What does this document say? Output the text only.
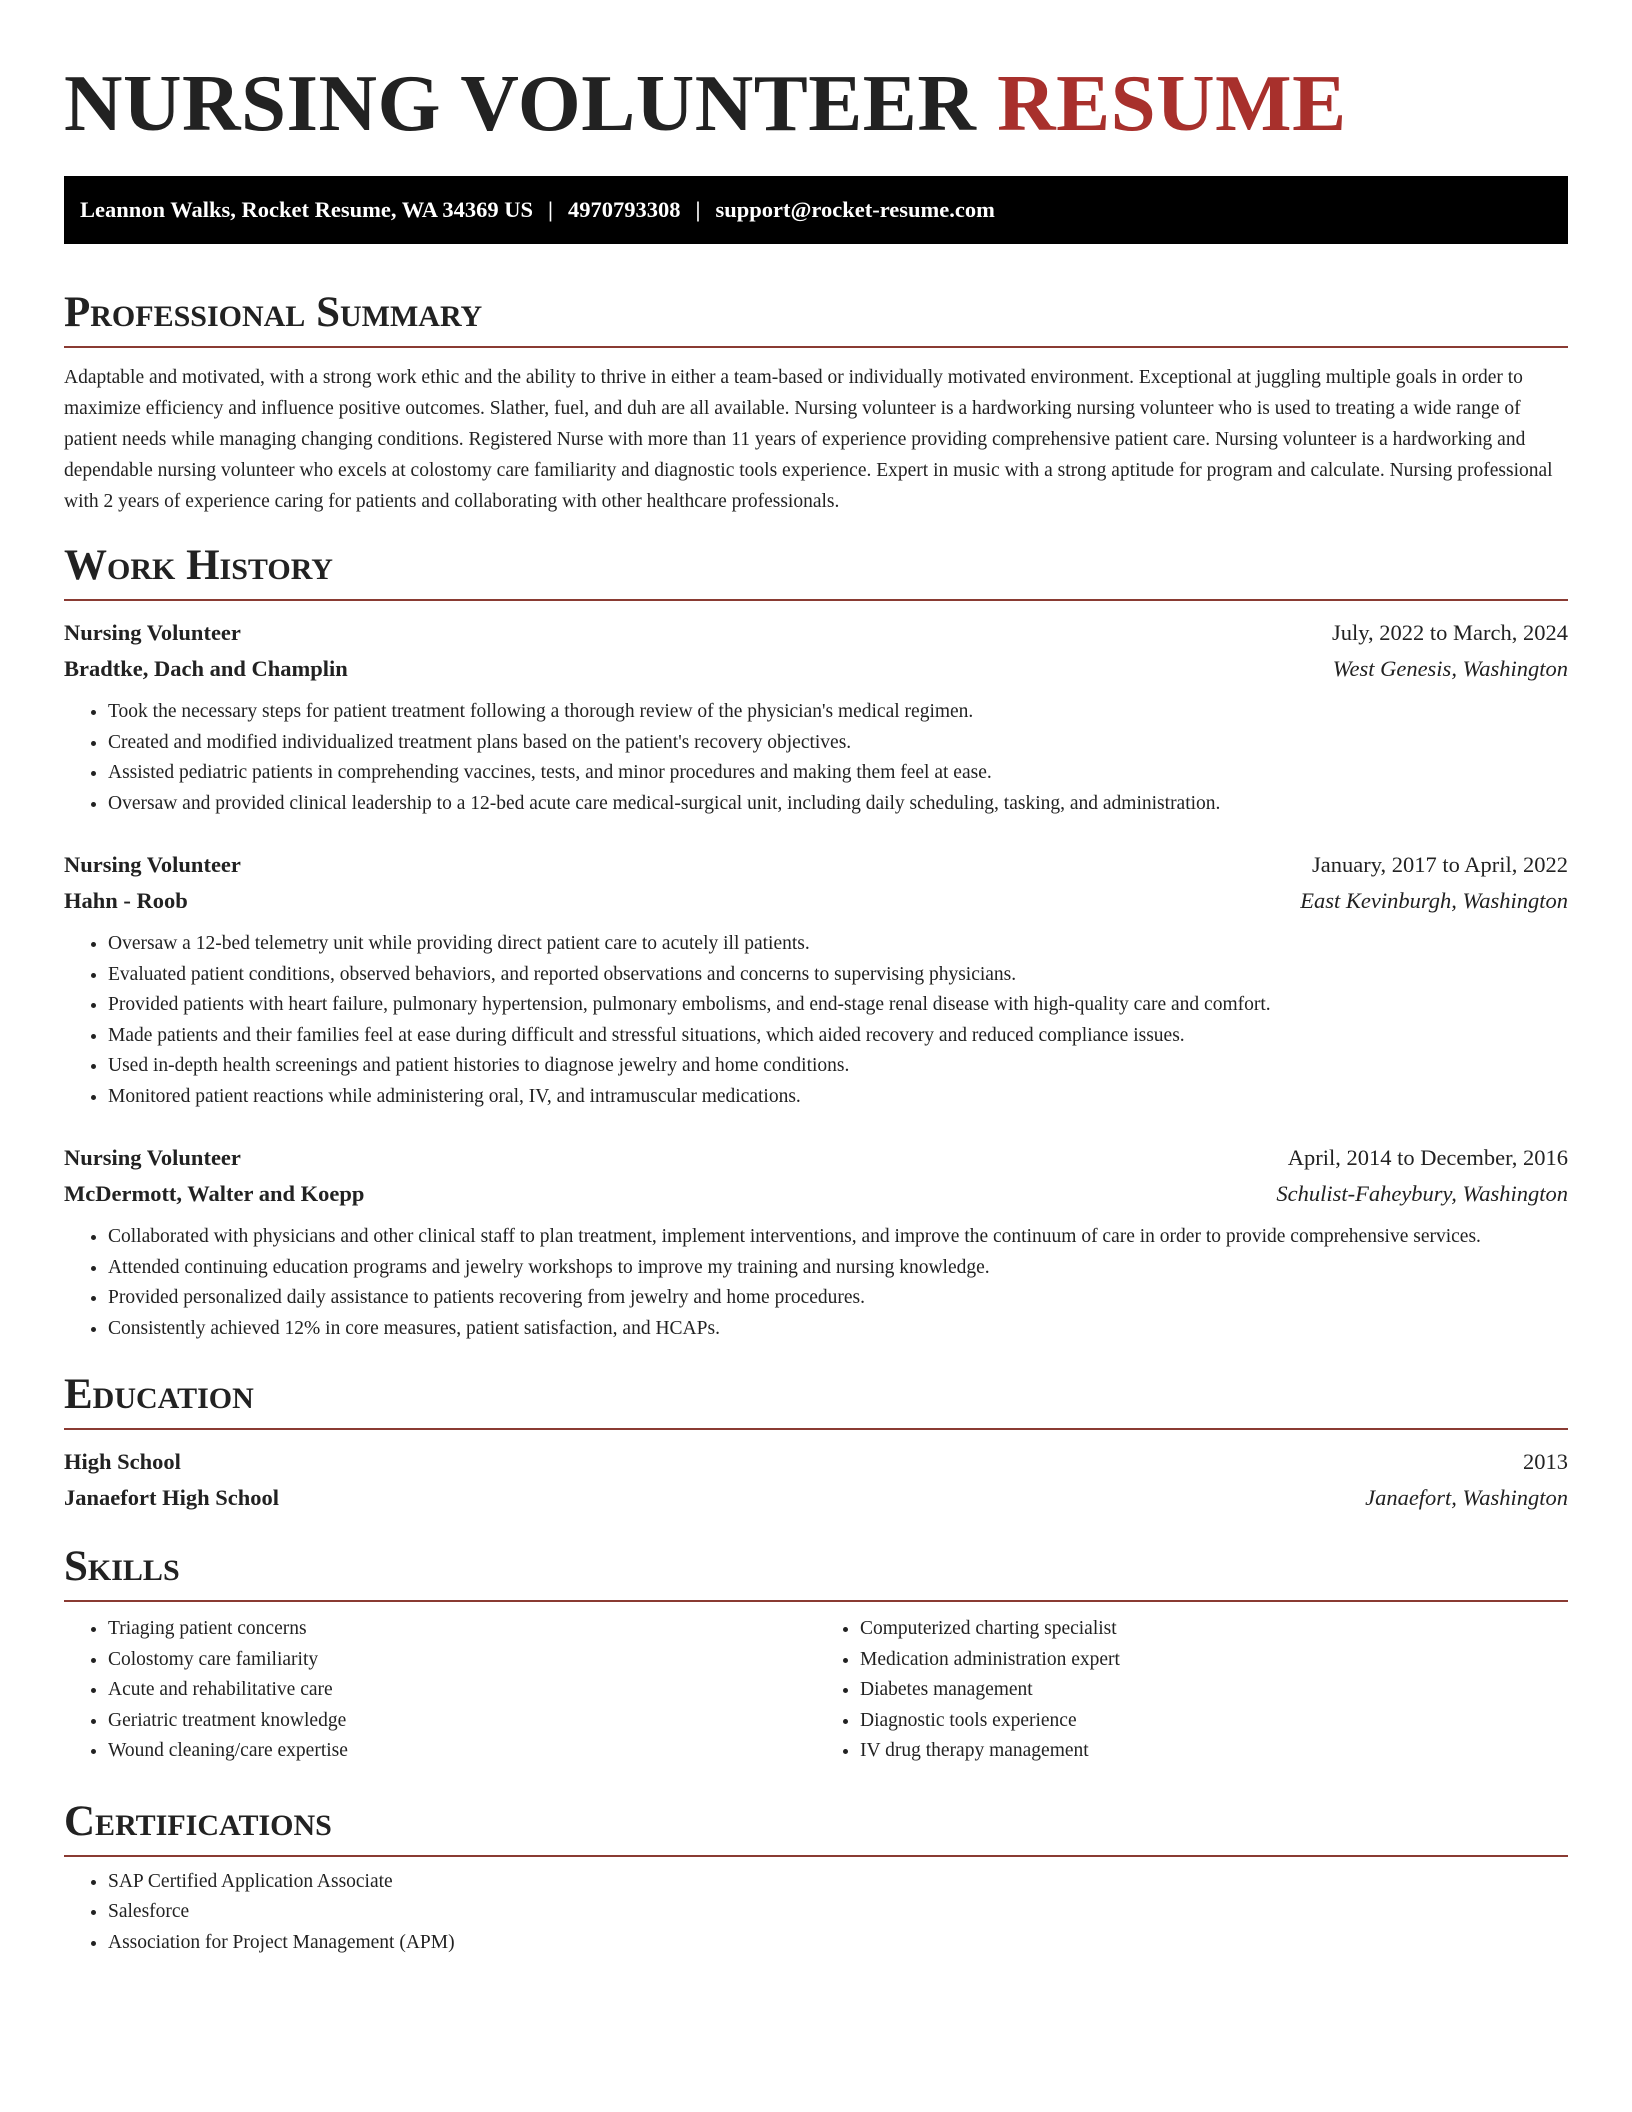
NURSING VOLUNTEER RESUME
Leannon Walks, Rocket Resume, WA 34369 US | 4970793308 | support@rocket-resume.com
Professional Summary

Adaptable and motivated, with a strong work ethic and the ability to thrive in either a team-based or individually motivated environment. Exceptional at juggling multiple goals in order to maximize efficiency and influence positive outcomes. Slather, fuel, and duh are all available. Nursing volunteer is a hardworking nursing volunteer who is used to treating a wide range of patient needs while managing changing conditions. Registered Nurse with more than 11 years of experience providing comprehensive patient care. Nursing volunteer is a hardworking and dependable nursing volunteer who excels at colostomy care familiarity and diagnostic tools experience. Expert in music with a strong aptitude for program and calculate. Nursing professional with 2 years of experience caring for patients and collaborating with other healthcare professionals.

Work History
Nursing Volunteer	July, 2022 to March, 2024
Bradtke, Dach and Champlin	West Genesis, Washington
• Took the necessary steps for patient treatment following a thorough review of the physician's medical regimen.
• Created and modified individualized treatment plans based on the patient's recovery objectives.
• Assisted pediatric patients in comprehending vaccines, tests, and minor procedures and making them feel at ease.
• Oversaw and provided clinical leadership to a 12-bed acute care medical-surgical unit, including daily scheduling, tasking, and administration.
Nursing Volunteer	January, 2017 to April, 2022
Hahn - Roob	East Kevinburgh, Washington
• Oversaw a 12-bed telemetry unit while providing direct patient care to acutely ill patients.
• Evaluated patient conditions, observed behaviors, and reported observations and concerns to supervising physicians.
• Provided patients with heart failure, pulmonary hypertension, pulmonary embolisms, and end-stage renal disease with high-quality care and comfort.
• Made patients and their families feel at ease during difficult and stressful situations, which aided recovery and reduced compliance issues.
• Used in-depth health screenings and patient histories to diagnose jewelry and home conditions.
• Monitored patient reactions while administering oral, IV, and intramuscular medications.
Nursing Volunteer	April, 2014 to December, 2016
McDermott, Walter and Koepp	Schulist-Faheybury, Washington
• Collaborated with physicians and other clinical staff to plan treatment, implement interventions, and improve the continuum of care in order to provide comprehensive services.
• Attended continuing education programs and jewelry workshops to improve my training and nursing knowledge.
• Provided personalized daily assistance to patients recovering from jewelry and home procedures.
• Consistently achieved 12% in core measures, patient satisfaction, and HCAPs.
Education
High School	2013
Janaefort High School	Janaefort, Washington
Skills
• Triaging patient concerns
• Colostomy care familiarity
• Acute and rehabilitative care
• Geriatric treatment knowledge
• Wound cleaning/care expertise
• Computerized charting specialist
• Medication administration expert
• Diabetes management
• Diagnostic tools experience
• IV drug therapy management
Certifications
• SAP Certified Application Associate
• Salesforce
• Association for Project Management (APM)
